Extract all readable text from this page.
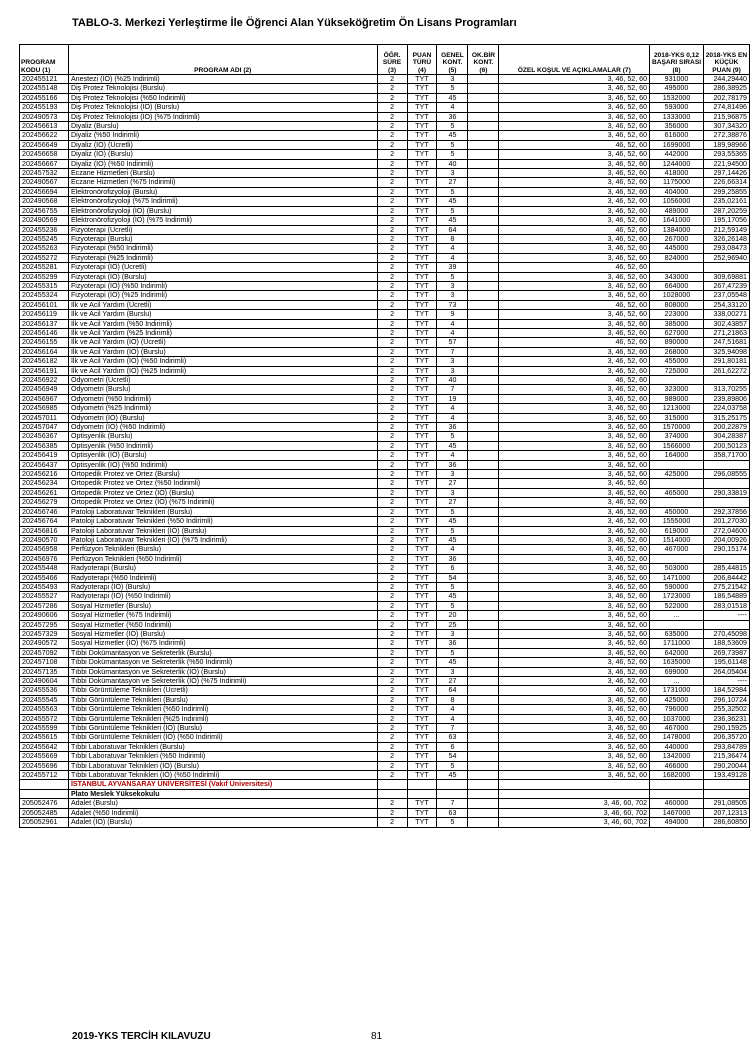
TABLO-3. Merkezi Yerleştirme İle Öğrenci Alan Yükseköğretim Ön Lisans Programları
PROGRAM KODU (1)	PROGRAM ADI (2)	ÖĞR. SÜRE (3)	PUAN TÜRÜ (4)	GENEL KONT. (5)	OK.BİR KONT. (6)	ÖZEL KOŞUL VE AÇIKLAMALAR (7)	2018-YKS 0,12 BAŞARI SIRASI (8)	2018-YKS EN KÜÇÜK PUAN (9)
202455121	Anestezi (İÖ) (%25 İndirimli)	2	TYT	3		3, 46, 52, 60	931000	244,29440
202455148	Diş Protez Teknolojisi (Burslu)	2	TYT	5		3, 46, 52, 60	495000	286,38925
202455166	Diş Protez Teknolojisi (%50 İndirimli)	2	TYT	45		3, 46, 52, 60	1532000	202,78179
202455193	Diş Protez Teknolojisi (İÖ) (Burslu)	2	TYT	4		3, 46, 52, 60	593000	274,81496
202490573	Diş Protez Teknolojisi (İÖ) (%75 İndirimli)	2	TYT	36		3, 46, 52, 60	1333000	215,96875
202456613	Diyaliz (Burslu)	2	TYT	5		3, 46, 52, 60	356000	307,34320
202456622	Diyaliz (%50 İndirimli)	2	TYT	45		3, 46, 52, 60	616000	272,38876
202456649	Diyaliz (İÖ) (Ücretli)	2	TYT	5		46, 52, 60	1699000	189,98966
202456658	Diyaliz (İÖ) (Burslu)	2	TYT	5		3, 46, 52, 60	442000	293,55365
202456667	Diyaliz (İÖ) (%50 İndirimli)	2	TYT	40		3, 46, 52, 60	1244000	221,94500
202457532	Eczane Hizmetleri (Burslu)	2	TYT	3		3, 46, 52, 60	418000	297,14426
202490567	Eczane Hizmetleri (%75 İndirimli)	2	TYT	27		3, 46, 52, 60	1175000	226,66314
202456694	Elektronörofizyoloji (Burslu)	2	TYT	5		3, 46, 52, 60	404000	299,25855
202490568	Elektronörofizyoloji (%75 İndirimli)	2	TYT	45		3, 46, 52, 60	1056000	235,02161
202456755	Elektronörofizyoloji (İÖ) (Burslu)	2	TYT	5		3, 46, 52, 60	489000	287,20259
202490569	Elektronörofizyoloji (İÖ) (%75 İndirimli)	2	TYT	45		3, 46, 52, 60	1641000	195,17056
202455236	Fizyoterapi (Ücretli)	2	TYT	64		46, 52, 60	1384000	212,59149
202455245	Fizyoterapi (Burslu)	2	TYT	8		3, 46, 52, 60	267000	326,26148
202455263	Fizyoterapi (%50 İndirimli)	2	TYT	4		3, 46, 52, 60	445000	293,08473
202455272	Fizyoterapi (%25 İndirimli)	2	TYT	4		3, 46, 52, 60	824000	252,96940
202455281	Fizyoterapi (İÖ) (Ücretli)	2	TYT	39		46, 52, 60		
202455299	Fizyoterapi (İÖ) (Burslu)	2	TYT	5		3, 46, 52, 60	343000	309,69881
202455315	Fizyoterapi (İÖ) (%50 İndirimli)	2	TYT	3		3, 46, 52, 60	664000	267,47239
202455324	Fizyoterapi (İÖ) (%25 İndirimli)	2	TYT	3		3, 46, 52, 60	1028000	237,05548
202456101	İlk ve Acil Yardım (Ücretli)	2	TYT	73		46, 52, 60	808000	254,33120
202456119	İlk ve Acil Yardım (Burslu)	2	TYT	9		3, 46, 52, 60	223000	338,00271
202456137	İlk ve Acil Yardım (%50 İndirimli)	2	TYT	4		3, 46, 52, 60	385000	302,43857
202456146	İlk ve Acil Yardım (%25 İndirimli)	2	TYT	4		3, 46, 52, 60	627000	271,21863
202456155	İlk ve Acil Yardım (İÖ) (Ücretli)	2	TYT	57		46, 52, 60	890000	247,51681
202456164	İlk ve Acil Yardım (İÖ) (Burslu)	2	TYT	7		3, 46, 52, 60	268000	325,94098
202456182	İlk ve Acil Yardım (İÖ) (%50 İndirimli)	2	TYT	3		3, 46, 52, 60	455000	291,80181
202456191	İlk ve Acil Yardım (İÖ) (%25 İndirimli)	2	TYT	3		3, 46, 52, 60	725000	261,62272
202456922	Odyometri (Ücretli)	2	TYT	40		46, 52, 60		
202456949	Odyometri (Burslu)	2	TYT	7		3, 46, 52, 60	323000	313,70255
202456967	Odyometri (%50 İndirimli)	2	TYT	19		3, 46, 52, 60	989000	239,89806
202456985	Odyometri (%25 İndirimli)	2	TYT	4		3, 46, 52, 60	1213000	224,03758
202457011	Odyometri (İÖ) (Burslu)	2	TYT	4		3, 46, 52, 60	315000	315,25175
202457047	Odyometri (İÖ) (%50 İndirimli)	2	TYT	36		3, 46, 52, 60	1570000	200,22879
202456367	Optisyenlik (Burslu)	2	TYT	5		3, 46, 52, 60	374000	304,28387
202456385	Optisyenlik (%50 İndirimli)	2	TYT	45		3, 46, 52, 60	1566000	200,50123
202456419	Optisyenlik (İÖ) (Burslu)	2	TYT	4		3, 46, 52, 60	164000	358,71700
202456437	Optisyenlik (İÖ) (%50 İndirimli)	2	TYT	36		3, 46, 52, 60		
202456216	Ortopedik Protez ve Ortez (Burslu)	2	TYT	3		3, 46, 52, 60	425000	296,08555
202456234	Ortopedik Protez ve Ortez (%50 İndirimli)	2	TYT	27		3, 46, 52, 60		
202456261	Ortopedik Protez ve Ortez (İÖ) (Burslu)	2	TYT	3		3, 46, 52, 60	465000	290,33819
202456279	Ortopedik Protez ve Ortez (İÖ) (%75 İndirimli)	2	TYT	27		3, 46, 52, 60		
202456746	Patoloji Laboratuvar Teknikleri (Burslu)	2	TYT	5		3, 46, 52, 60	450000	292,37856
202456764	Patoloji Laboratuvar Teknikleri (%50 İndirimli)	2	TYT	45		3, 46, 52, 60	1555000	201,27030
202456816	Patoloji Laboratuvar Teknikleri (İÖ) (Burslu)	2	TYT	5		3, 46, 52, 60	619000	272,04600
202490570	Patoloji Laboratuvar Teknikleri (İÖ) (%75 İndirimli)	2	TYT	45		3, 46, 52, 60	1514000	204,00926
202456958	Perfüzyon Teknikleri (Burslu)	2	TYT	4		3, 46, 52, 60	467000	290,15174
202456976	Perfüzyon Teknikleri (%50 İndirimli)	2	TYT	36		3, 46, 52, 60		
202455448	Radyoterapi (Burslu)	2	TYT	6		3, 46, 52, 60	503000	285,44815
202455466	Radyoterapi (%50 İndirimli)	2	TYT	54		3, 46, 52, 60	1471000	206,84442
202455493	Radyoterapi (İÖ) (Burslu)	2	TYT	5		3, 46, 52, 60	590000	275,21542
202455527	Radyoterapi (İÖ) (%50 İndirimli)	2	TYT	45		3, 46, 52, 60	1723000	186,54889
202457286	Sosyal Hizmetler (Burslu)	2	TYT	5		3, 46, 52, 60	522000	283,01518
202490606	Sosyal Hizmetler (%75 İndirimli)	2	TYT	20		3, 46, 52, 60	...	----
202457295	Sosyal Hizmetler (%50 İndirimli)	2	TYT	25		3, 46, 52, 60		
202457329	Sosyal Hizmetler (İÖ) (Burslu)	2	TYT	3		3, 46, 52, 60	635000	270,45098
202490572	Sosyal Hizmetler (İÖ) (%75 İndirimli)	2	TYT	36		3, 46, 52, 60	1711000	188,53609
202457092	Tıbbi Dokümantasyon ve Sekreterlik (Burslu)	2	TYT	5		3, 46, 52, 60	642000	269,73987
202457108	Tıbbi Dokümantasyon ve Sekreterlik (%50 İndirimli)	2	TYT	45		3, 46, 52, 60	1635000	195,61148
202457135	Tıbbi Dokümantasyon ve Sekreterlik (İÖ) (Burslu)	2	TYT	3		3, 46, 52, 60	699000	264,05404
202490604	Tıbbi Dokümantasyon ve Sekreterlik (İÖ) (%75 İndirimli)	2	TYT	27		3, 46, 52, 60	...	----
202455536	Tıbbi Görüntüleme Teknikleri (Ücretli)	2	TYT	64		46, 52, 60	1731000	184,52984
202455545	Tıbbi Görüntüleme Teknikleri (Burslu)	2	TYT	8		3, 46, 52, 60	425000	296,10724
202455563	Tıbbi Görüntüleme Teknikleri (%50 İndirimli)	2	TYT	4		3, 46, 52, 60	796000	255,32502
202455572	Tıbbi Görüntüleme Teknikleri (%25 İndirimli)	2	TYT	4		3, 46, 52, 60	1037000	236,36231
202455599	Tıbbi Görüntüleme Teknikleri (İÖ) (Burslu)	2	TYT	7		3, 46, 52, 60	467000	290,15925
202455615	Tıbbi Görüntüleme Teknikleri (İÖ) (%50 İndirimli)	2	TYT	63		3, 46, 52, 60	1478000	206,35720
202455642	Tıbbi Laboratuvar Teknikleri (Burslu)	2	TYT	6		3, 46, 52, 60	440000	293,84789
202455669	Tıbbi Laboratuvar Teknikleri (%50 İndirimli)	2	TYT	54		3, 46, 52, 60	1342000	215,36474
202455696	Tıbbi Laboratuvar Teknikleri (İÖ) (Burslu)	2	TYT	5		3, 46, 52, 60	466000	290,20044
202455712	Tıbbi Laboratuvar Teknikleri (İÖ) (%50 İndirimli)	2	TYT	45		3, 46, 52, 60	1682000	193,49128
	İSTANBUL AYVANSARAY ÜNİVERSİTESİ (Vakıf Üniversitesi)							
	Plato Meslek Yüksekokulu							
205052476	Adalet (Burslu)	2	TYT	7		3, 46, 60, 702	460000	291,08505
205052485	Adalet (%50 İndirimli)	2	TYT	63		3, 46, 60, 702	1467000	207,12313
205052961	Adalet (İÖ) (Burslu)	2	TYT	5		3, 46, 60, 702	494000	286,60850
2019-YKS TERCİH KILAVUZU	81
